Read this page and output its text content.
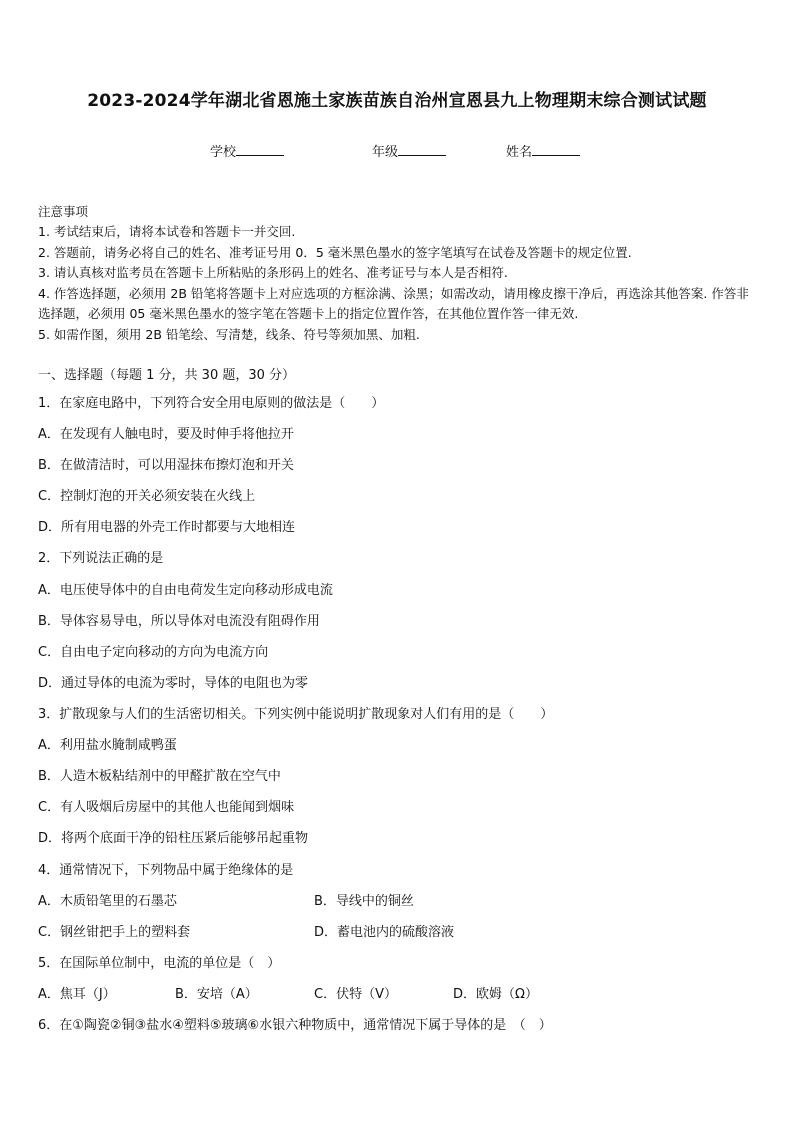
2023-2024学年湖北省恩施土家族苗族自治州宣恩县九上物理期末综合测试试题
学校	年级	姓名
注意事项
1. 考试结束后，请将本试卷和答题卡一并交回.
2. 答题前，请务必将自己的姓名、准考证号用 0．5 毫米黑色墨水的签字笔填写在试卷及答题卡的规定位置.
3. 请认真核对监考员在答题卡上所粘贴的条形码上的姓名、准考证号与本人是否相符.
4. 作答选择题，必须用 2B 铅笔将答题卡上对应选项的方框涂满、涂黑；如需改动，请用橡皮擦干净后，再选涂其他答案. 作答非选择题，必须用 05 毫米黑色墨水的签字笔在答题卡上的指定位置作答，在其他位置作答一律无效.
5. 如需作图，须用 2B 铅笔绘、写清楚，线条、符号等须加黑、加粗.
一、选择题（每题 1 分，共 30 题，30 分）
1．在家庭电路中，下列符合安全用电原则的做法是（　　）
A．在发现有人触电时，要及时伸手将他拉开
B．在做清洁时，可以用湿抹布擦灯泡和开关
C．控制灯泡的开关必须安装在火线上
D．所有用电器的外壳工作时都要与大地相连
2．下列说法正确的是
A．电压使导体中的自由电荷发生定向移动形成电流
B．导体容易导电，所以导体对电流没有阻碍作用
C．自由电子定向移动的方向为电流方向
D．通过导体的电流为零时，导体的电阻也为零
3．扩散现象与人们的生活密切相关。下列实例中能说明扩散现象对人们有用的是（　　）
A．利用盐水腌制咸鸭蛋
B．人造木板粘结剂中的甲醛扩散在空气中
C．有人吸烟后房屋中的其他人也能闻到烟味
D．将两个底面干净的铅柱压紧后能够吊起重物
4．通常情况下，下列物品中属于绝缘体的是
A．木质铅笔里的石墨芯	B．导线中的铜丝
C．钢丝钳把手上的塑料套	D．蓄电池内的硫酸溶液
5．在国际单位制中，电流的单位是（　）
A．焦耳（J）	B．安培（A）	C．伏特（V）	D．欧姆（Ω）
6．在①陶瓷②铜③盐水④塑料⑤玻璃⑥水银六种物质中，通常情况下属于导体的是　（　）
